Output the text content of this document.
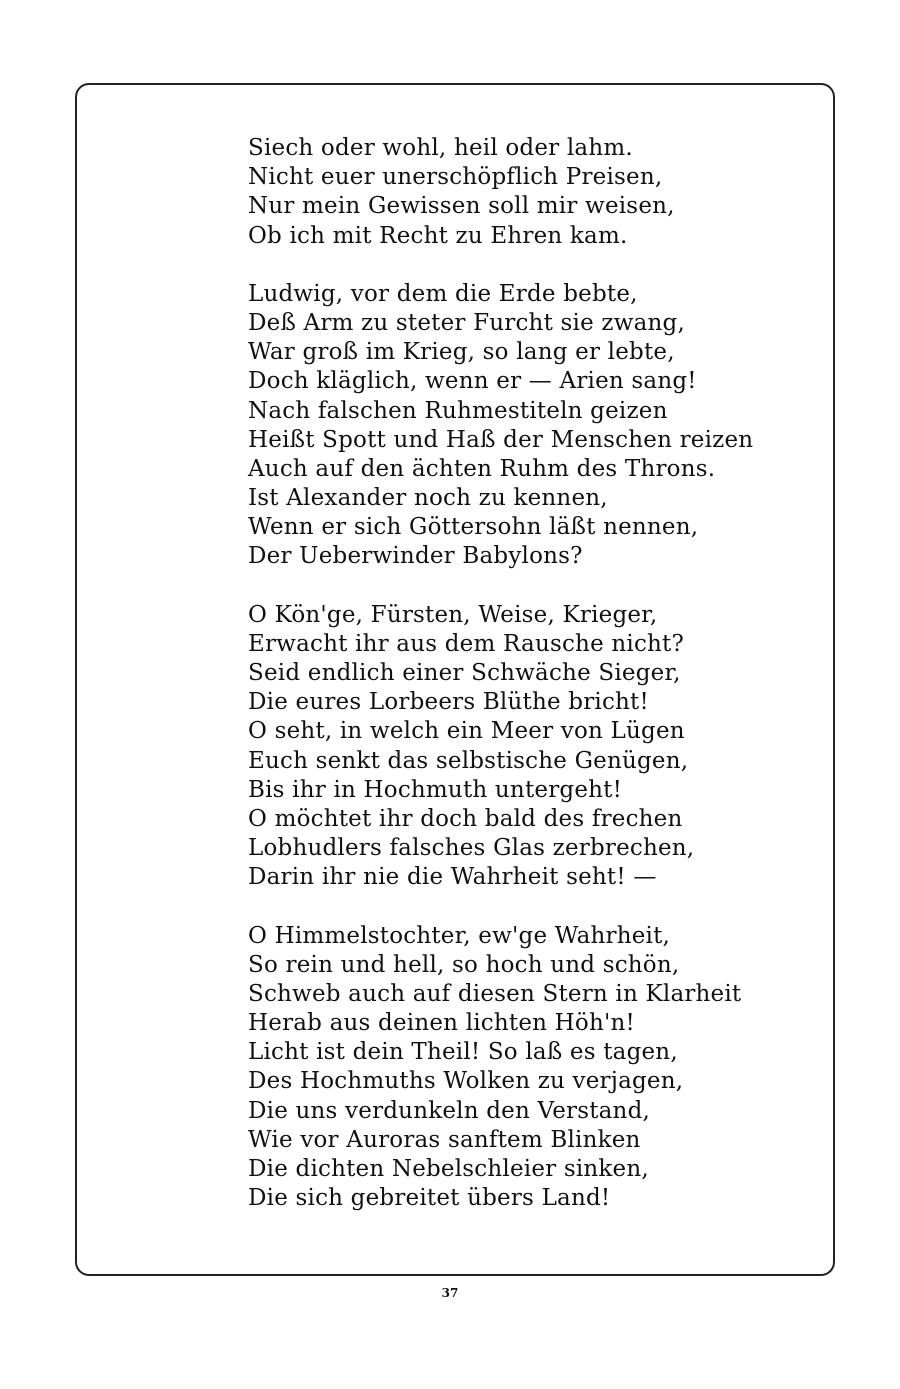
Siech oder wohl, heil oder lahm.
Nicht euer unerschöpflich Preisen,
Nur mein Gewissen soll mir weisen,
Ob ich mit Recht zu Ehren kam.
Ludwig, vor dem die Erde bebte,
Deß Arm zu steter Furcht sie zwang,
War groß im Krieg, so lang er lebte,
Doch kläglich, wenn er — Arien sang!
Nach falschen Ruhmestiteln geizen
Heißt Spott und Haß der Menschen reizen
Auch auf den ächten Ruhm des Throns.
Ist Alexander noch zu kennen,
Wenn er sich Göttersohn läßt nennen,
Der Ueberwinder Babylons?
O Kön'ge, Fürsten, Weise, Krieger,
Erwacht ihr aus dem Rausche nicht?
Seid endlich einer Schwäche Sieger,
Die eures Lorbeers Blüthe bricht!
O seht, in welch ein Meer von Lügen
Euch senkt das selbstische Genügen,
Bis ihr in Hochmuth untergeht!
O möchtet ihr doch bald des frechen
Lobhudlers falsches Glas zerbrechen,
Darin ihr nie die Wahrheit seht! —
O Himmelstochter, ew'ge Wahrheit,
So rein und hell, so hoch und schön,
Schweb auch auf diesen Stern in Klarheit
Herab aus deinen lichten Höh'n!
Licht ist dein Theil! So laß es tagen,
Des Hochmuths Wolken zu verjagen,
Die uns verdunkeln den Verstand,
Wie vor Auroras sanftem Blinken
Die dichten Nebelschleier sinken,
Die sich gebreitet übers Land!
37
